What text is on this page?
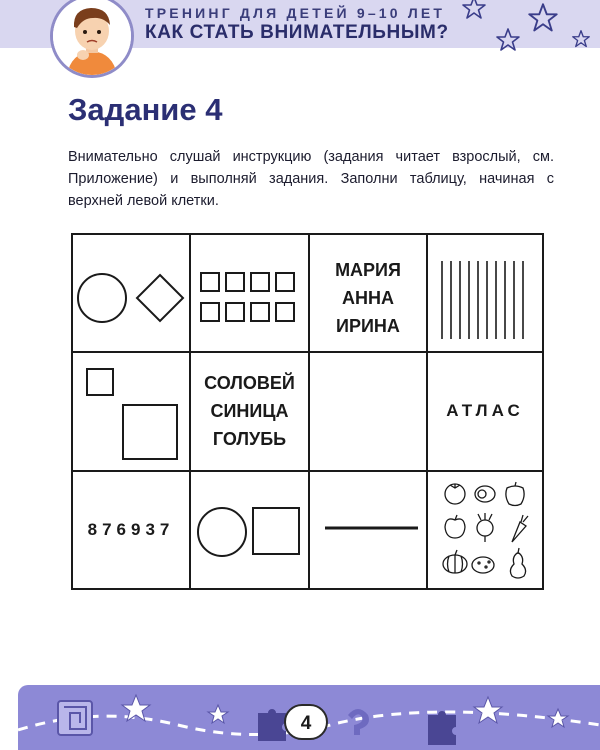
ТРЕНИНГ ДЛЯ ДЕТЕЙ 9–10 ЛЕТ
КАК СТАТЬ ВНИМАТЕЛЬНЫМ?
Задание 4
Внимательно слушай инструкцию (задания читает взрослый, см. Приложение) и выполняй задания. Заполни таблицу, начиная с верхней левой клетки.
МАРИЯ
АННА
ИРИНА
СОЛОВЕЙ
СИНИЦА
ГОЛУБЬ
АТЛАС
876937
4
